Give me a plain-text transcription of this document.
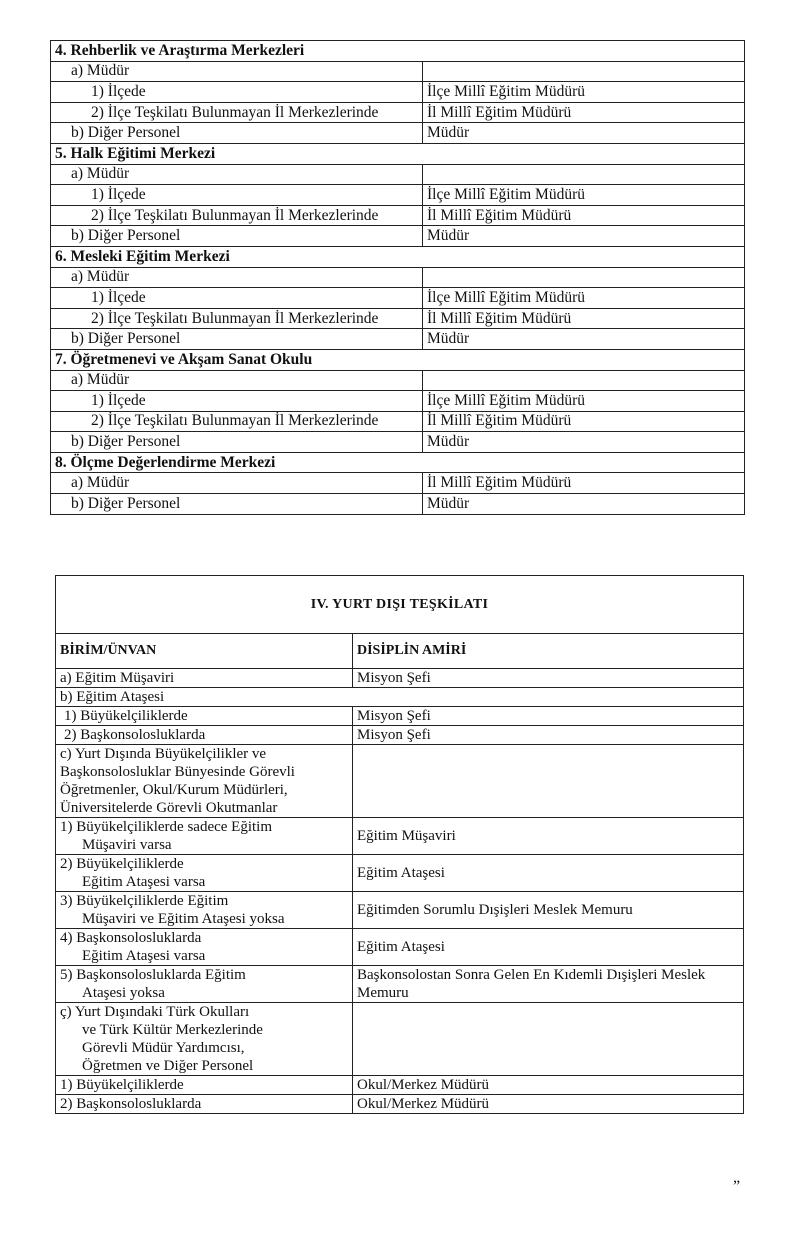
4. Rehberlik ve Araştırma Merkezleri	
a) Müdür	
1) İlçede	İlçe Millî Eğitim Müdürü
2) İlçe Teşkilatı Bulunmayan İl Merkezlerinde	İl Millî Eğitim Müdürü
b) Diğer Personel	Müdür
5. Halk Eğitimi Merkezi	
a) Müdür	
1) İlçede	İlçe Millî Eğitim Müdürü
2) İlçe Teşkilatı Bulunmayan İl Merkezlerinde	İl Millî Eğitim Müdürü
b) Diğer Personel	Müdür
6. Mesleki Eğitim Merkezi	
a) Müdür	
1) İlçede	İlçe Millî Eğitim Müdürü
2) İlçe Teşkilatı Bulunmayan İl Merkezlerinde	İl Millî Eğitim Müdürü
b) Diğer Personel	Müdür
7. Öğretmenevi ve Akşam Sanat Okulu	
a) Müdür	
1) İlçede	İlçe Millî Eğitim Müdürü
2) İlçe Teşkilatı Bulunmayan İl Merkezlerinde	İl Millî Eğitim Müdürü
b) Diğer Personel	Müdür
8. Ölçme Değerlendirme Merkezi	
a) Müdür	İl Millî Eğitim Müdürü
b) Diğer Personel	Müdür
IV. YURT DIŞI TEŞKİLATI	
BİRİM/ÜNVAN	DİSİPLİN AMİRİ
a) Eğitim Müşaviri	Misyon Şefi
b) Eğitim Ataşesi	
1) Büyükelçiliklerde	Misyon Şefi
2) Başkonsolosluklarda	Misyon Şefi
c) Yurt Dışında Büyükelçilikler ve Başkonsolosluklar Bünyesinde Görevli Öğretmenler, Okul/Kurum Müdürleri, Üniversitelerde Görevli Okutmanlar	

1) Büyükelçiliklerde sadece Eğitim
Müşaviri varsa	Eğitim Müşaviri

2) Büyükelçiliklerde
Eğitim Ataşesi varsa	Eğitim Ataşesi

3) Büyükelçiliklerde Eğitim
Müşaviri ve Eğitim Ataşesi yoksa	Eğitimden Sorumlu Dışişleri Meslek Memuru

4) Başkonsolosluklarda
Eğitim Ataşesi varsa	Eğitim Ataşesi

5) Başkonsolosluklarda Eğitim
Ataşesi yoksa	Başkonsolostan Sonra Gelen En Kıdemli Dışişleri Meslek Memuru

ç) Yurt Dışındaki Türk Okulları
ve Türk Kültür Merkezlerinde
Görevli Müdür Yardımcısı,
Öğretmen ve Diğer Personel	

1) Büyükelçiliklerde	Okul/Merkez Müdürü
2) Başkonsolosluklarda	Okul/Merkez Müdürü
”
